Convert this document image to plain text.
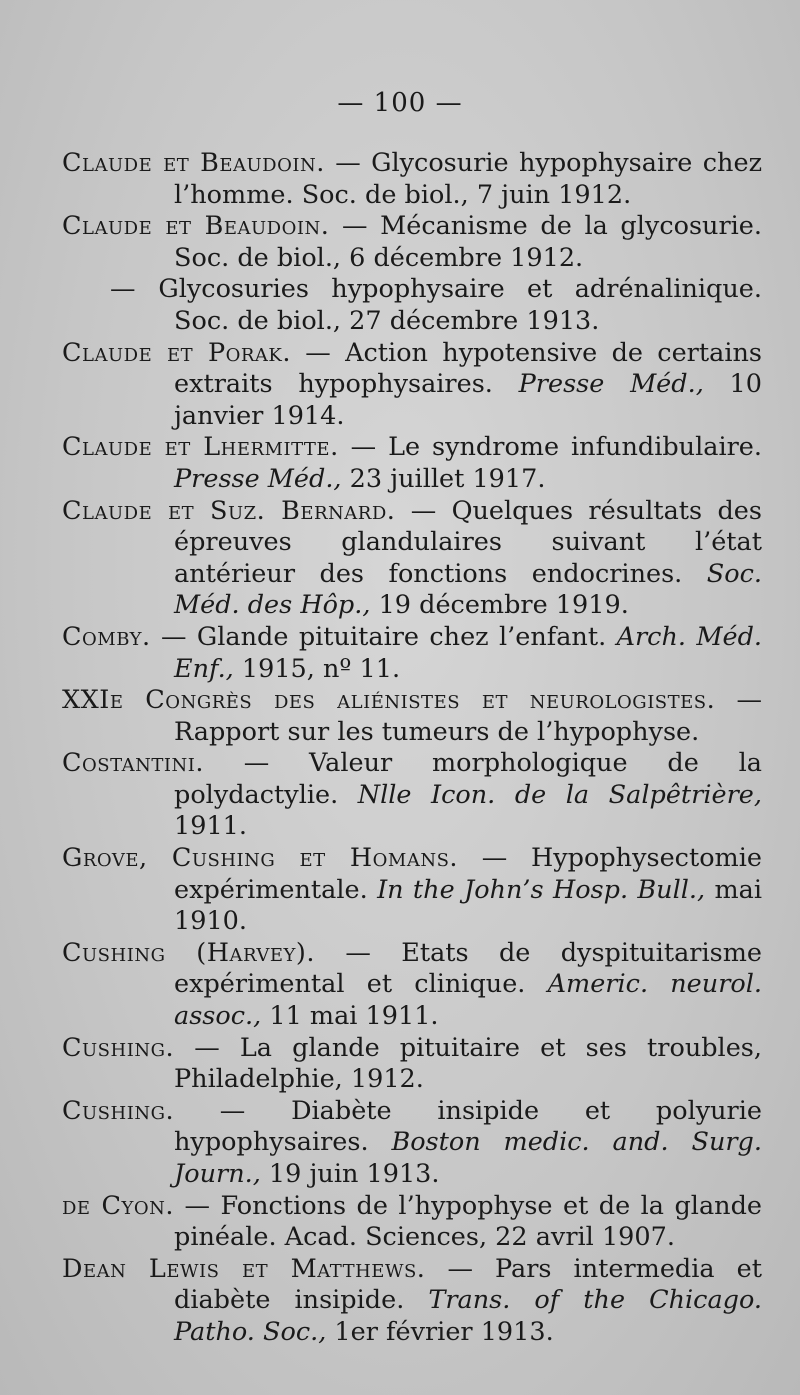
— 100 —

Claude et Beaudoin. — Glycosurie hypophysaire chez l’homme. Soc. de biol., 7 juin 1912.

Claude et Beaudoin. — Mécanisme de la glycosurie. Soc. de biol., 6 décembre 1912.

— Glycosuries hypophysaire et adrénalinique. Soc. de biol., 27 décembre 1913.

Claude et Porak. — Action hypotensive de certains extraits hypophysaires. Presse Méd., 10 janvier 1914.

Claude et Lhermitte. — Le syndrome infundibulaire. Presse Méd., 23 juillet 1917.

Claude et Suz. Bernard. — Quelques résultats des épreuves glandulaires suivant l’état antérieur des fonctions endocrines. Soc. Méd. des Hôp., 19 décembre 1919.

Comby. — Glande pituitaire chez l’enfant. Arch. Méd. Enf., 1915, nº 11.

XXIe Congrès des aliénistes et neurologistes. — Rapport sur les tumeurs de l’hypophyse.

Costantini. — Valeur morphologique de la polydactylie. Nlle Icon. de la Salpêtrière, 1911.

Grove, Cushing et Homans. — Hypophysectomie expérimentale. In the John’s Hosp. Bull., mai 1910.

Cushing (Harvey). — Etats de dyspituitarisme expérimental et clinique. Americ. neurol. assoc., 11 mai 1911.

Cushing. — La glande pituitaire et ses troubles, Philadelphie, 1912.

Cushing. — Diabète insipide et polyurie hypophysaires. Boston medic. and. Surg. Journ., 19 juin 1913.

de Cyon. — Fonctions de l’hypophyse et de la glande pinéale. Acad. Sciences, 22 avril 1907.

Dean Lewis et Matthews. — Pars intermedia et diabète insipide. Trans. of the Chicago. Patho. Soc., 1er février 1913.
